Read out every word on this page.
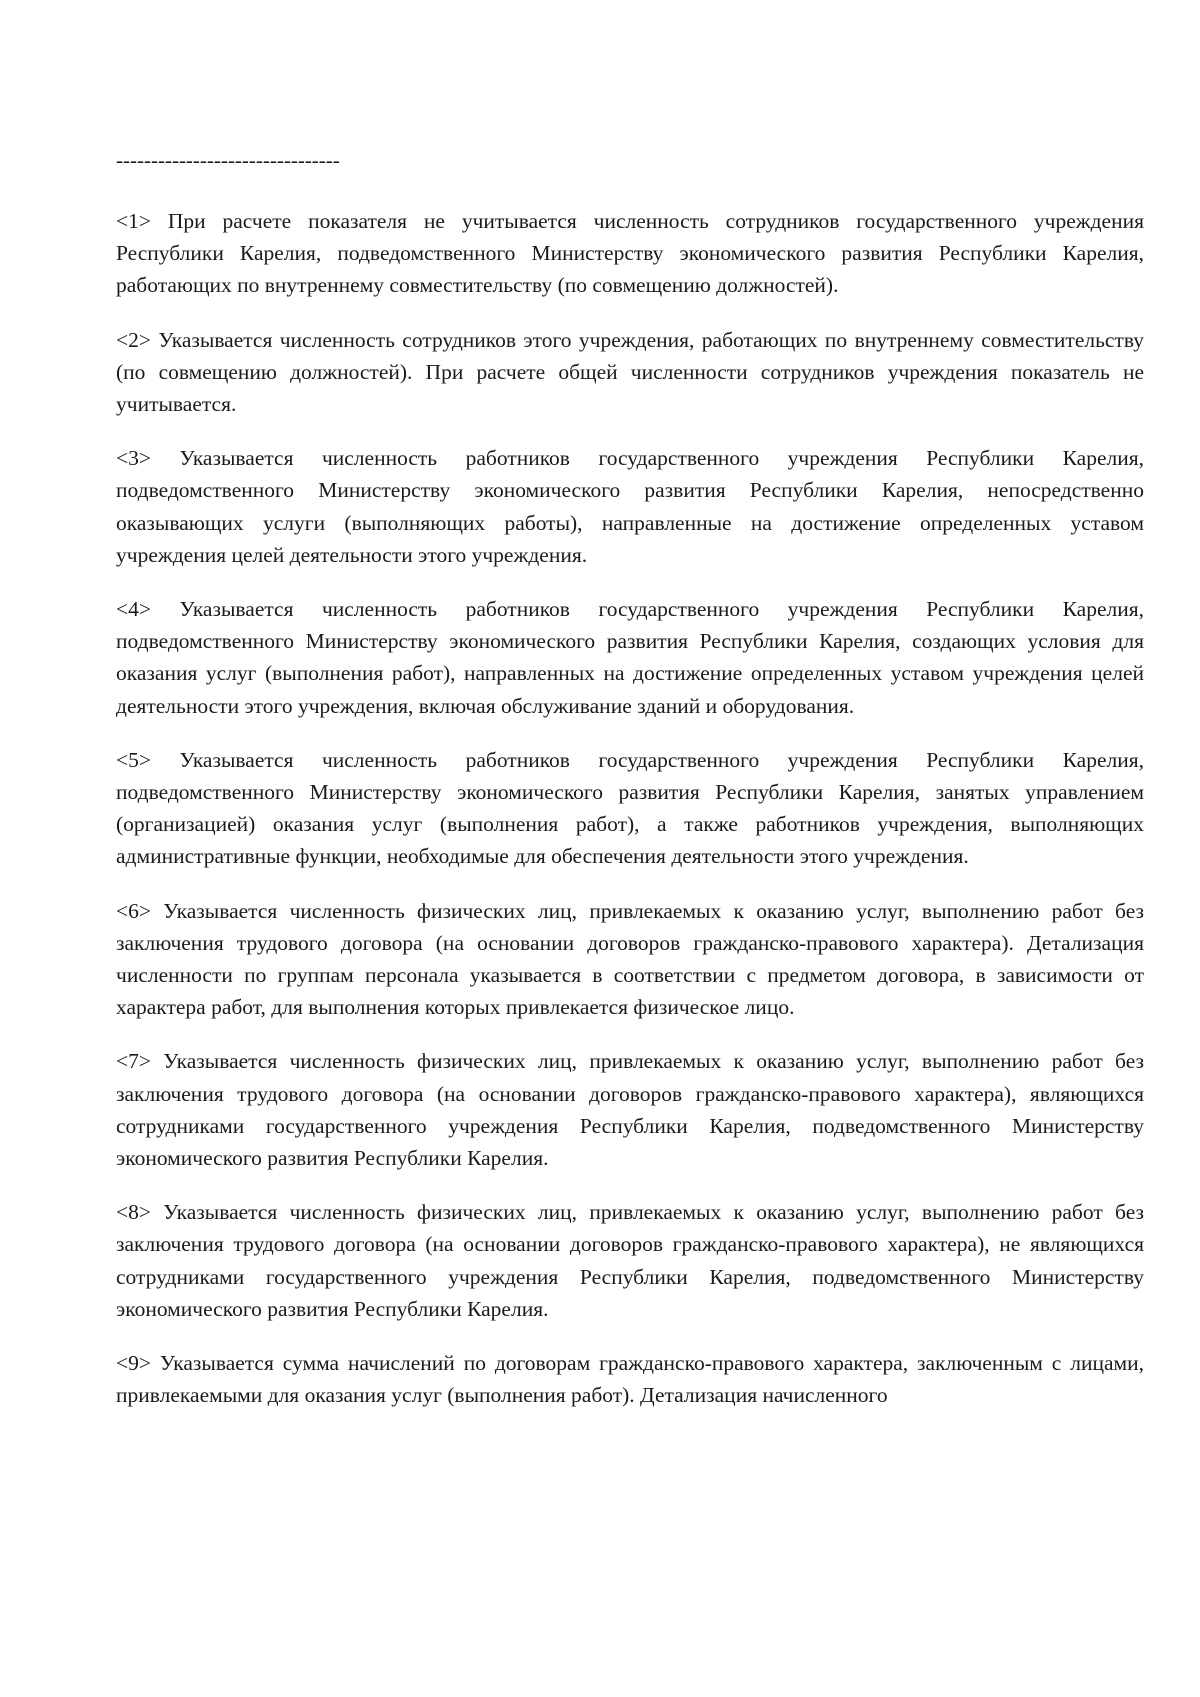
--------------------------------

<1> При расчете показателя не учитывается численность сотрудников государственного учреждения Республики Карелия, подведомственного Министерству экономического развития Республики Карелия, работающих по внутреннему совместительству (по совмещению должностей).

<2> Указывается численность сотрудников этого учреждения, работающих по внутреннему совместительству (по совмещению должностей). При расчете общей численности сотрудников учреждения показатель не учитывается.

<3> Указывается численность работников государственного учреждения Республики Карелия, подведомственного Министерству экономического развития Республики Карелия, непосредственно оказывающих услуги (выполняющих работы), направленные на достижение определенных уставом учреждения целей деятельности этого учреждения.

<4> Указывается численность работников государственного учреждения Республики Карелия, подведомственного Министерству экономического развития Республики Карелия, создающих условия для оказания услуг (выполнения работ), направленных на достижение определенных уставом учреждения целей деятельности этого учреждения, включая обслуживание зданий и оборудования.

<5> Указывается численность работников государственного учреждения Республики Карелия, подведомственного Министерству экономического развития Республики Карелия, занятых управлением (организацией) оказания услуг (выполнения работ), а также работников учреждения, выполняющих административные функции, необходимые для обеспечения деятельности этого учреждения.

<6> Указывается численность физических лиц, привлекаемых к оказанию услуг, выполнению работ без заключения трудового договора (на основании договоров гражданско-правового характера). Детализация численности по группам персонала указывается в соответствии с предметом договора, в зависимости от характера работ, для выполнения которых привлекается физическое лицо.

<7> Указывается численность физических лиц, привлекаемых к оказанию услуг, выполнению работ без заключения трудового договора (на основании договоров гражданско-правового характера), являющихся сотрудниками государственного учреждения Республики Карелия, подведомственного Министерству экономического развития Республики Карелия.

<8> Указывается численность физических лиц, привлекаемых к оказанию услуг, выполнению работ без заключения трудового договора (на основании договоров гражданско-правового характера), не являющихся сотрудниками государственного учреждения Республики Карелия, подведомственного Министерству экономического развития Республики Карелия.

<9> Указывается сумма начислений по договорам гражданско-правового характера, заключенным с лицами, привлекаемыми для оказания услуг (выполнения работ). Детализация начисленного
